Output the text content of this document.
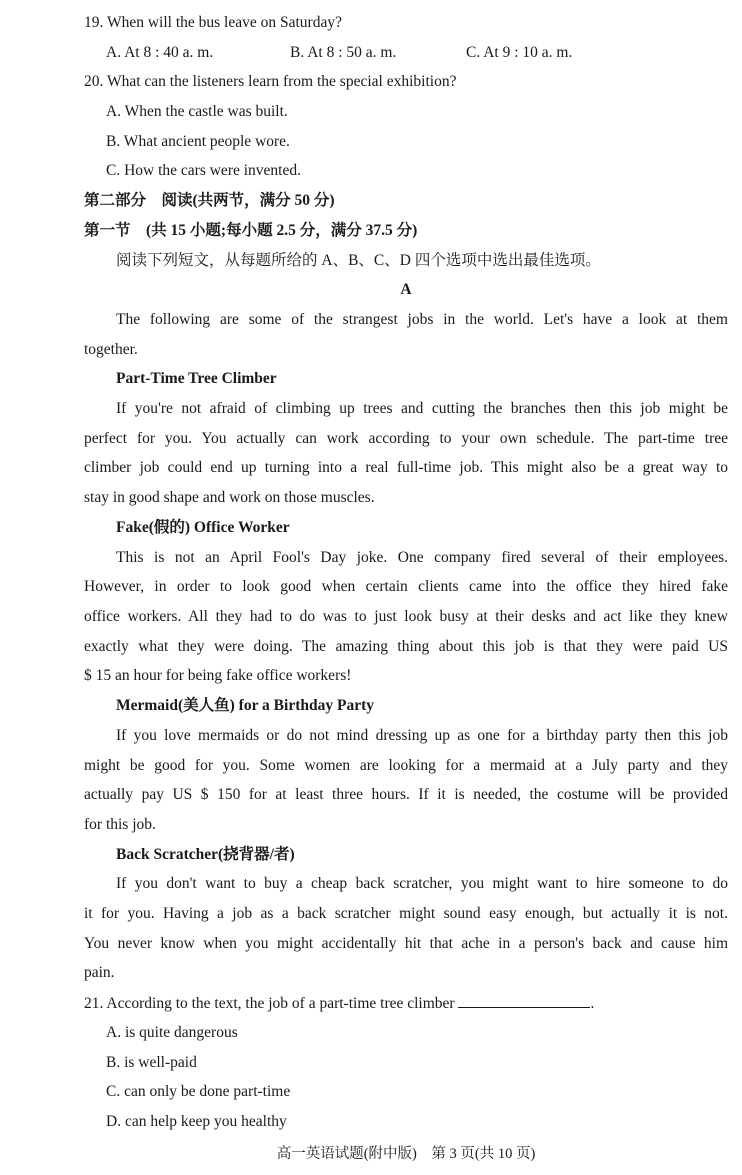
19. When will the bus leave on Saturday?
A. At 8 : 40 a. m.	B. At 8 : 50 a. m.	C. At 9 : 10 a. m.
20. What can the listeners learn from the special exhibition?
A. When the castle was built.
B. What ancient people wore.
C. How the cars were invented.
第二部分　阅读(共两节，满分 50 分)
第一节　(共 15 小题;每小题 2.5 分，满分 37.5 分)
阅读下列短文，从每题所给的 A、B、C、D 四个选项中选出最佳选项。
A
The following are some of the strangest jobs in the world. Let's have a look at them
together.
Part-Time Tree Climber
If you're not afraid of climbing up trees and cutting the branches then this job might be
perfect for you. You actually can work according to your own schedule. The part-time tree
climber job could end up turning into a real full-time job. This might also be a great way to
stay in good shape and work on those muscles.
Fake(假的) Office Worker
This is not an April Fool's Day joke. One company fired several of their employees.
However, in order to look good when certain clients came into the office they hired fake
office workers. All they had to do was to just look busy at their desks and act like they knew
exactly what they were doing. The amazing thing about this job is that they were paid US
$ 15 an hour for being fake office workers!
Mermaid(美人鱼) for a Birthday Party
If you love mermaids or do not mind dressing up as one for a birthday party then this job
might be good for you. Some women are looking for a mermaid at a July party and they
actually pay US $ 150 for at least three hours. If it is needed, the costume will be provided
for this job.
Back Scratcher(挠背器/者)
If you don't want to buy a cheap back scratcher, you might want to hire someone to do
it for you. Having a job as a back scratcher might sound easy enough, but actually it is not.
You never know when you might accidentally hit that ache in a person's back and cause him
pain.
21. According to the text, the job of a part-time tree climber	.
A. is quite dangerous
B. is well-paid
C. can only be done part-time
D. can help keep you healthy
高一英语试题(附中版)　第 3 页(共 10 页)
